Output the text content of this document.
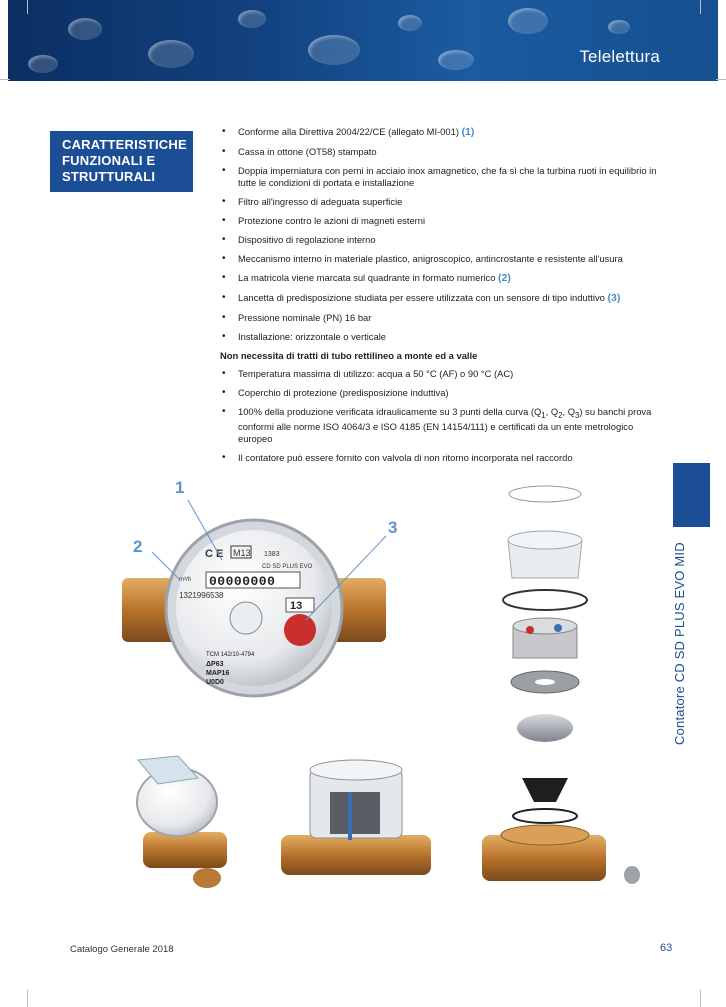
Telelettura
CARATTERISTICHE
FUNZIONALI E
STRUTTURALI
• Conforme alla Direttiva 2004/22/CE (allegato MI-001) (1)
• Cassa in ottone (OT58) stampato
• Doppia imperniatura con perni in acciaio inox amagnetico, che fa sì che la turbina ruoti in equilibrio in tutte le condizioni di portata e installazione
• Filtro all'ingresso di adeguata superficie
• Protezione contro le azioni di magneti esterni
• Dispositivo di regolazione interno
• Meccanismo interno in materiale plastico, anigroscopico, antincrostante e resistente all'usura
• La matricola viene marcata sul quadrante in formato numerico (2)
• Lancetta di predisposizione studiata per essere utilizzata con un sensore di tipo induttivo (3)
• Pressione nominale (PN) 16 bar
• Installazione: orizzontale o verticale
Non necessita di tratti di tubo rettilineo a monte ed a valle
• Temperatura massima di utilizzo: acqua a 50 °C (AF) o 90 °C (AC)
• Coperchio di protezione (predisposizione induttiva)
• 100% della produzione verificata idraulicamente su 3 punti della curva ($Q_1$, $Q_2$, $Q_3$) su banchi prova conformi alle norme ISO 4064/3 e ISO 4185 (EN 14154/111) e certificati da un ente metrologico europeo
• Il contatore può essere fornito con valvola di non ritorno incorporata nel raccordo
Contatore CD SD PLUS EVO MID
C E M13 1383
CD SD PLUS EVO
00000000
m³/h
1321996538
13
TCM 142/10-4794
ΔP63
MAP16
U0D0
1
2
3
Catalogo Generale 2018	63
